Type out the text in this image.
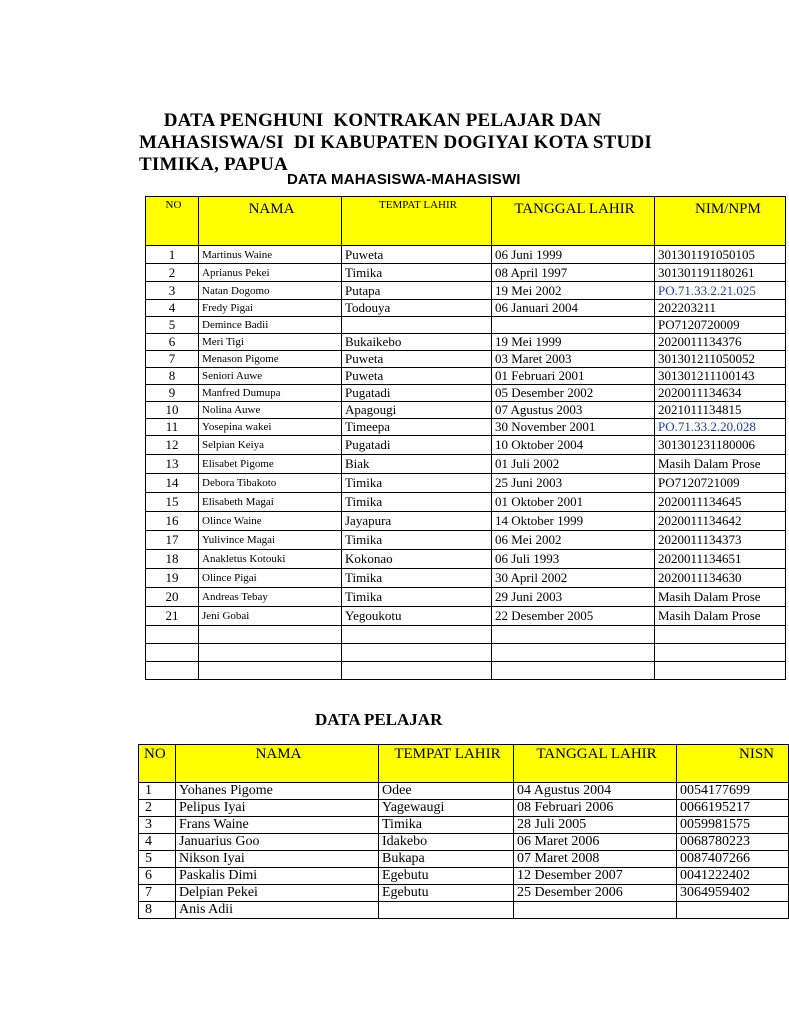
DATA PENGHUNI  KONTRAKAN PELAJAR DAN
MAHASISWA/SI  DI KABUPATEN DOGIYAI KOTA STUDI
TIMIKA, PAPUA
DATA MAHASISWA-MAHASISWI
NO	NAMA	TEMPAT LAHIR	TANGGAL LAHIR	NIM/NPM
1	Martinus Waine	Puweta	06 Juni 1999	301301191050105
2	Aprianus Pekei	Timika	08 April 1997	301301191180261
3	Natan Dogomo	Putapa	19 Mei 2002	PO.71.33.2.21.025
4	Fredy Pigai	Todouya	06 Januari 2004	202203211
5	Demince Badii			PO7120720009
6	Meri Tigi	Bukaikebo	19 Mei 1999	2020011134376
7	Menason Pigome	Puweta	03 Maret 2003	301301211050052
8	Seniori Auwe	Puweta	01 Februari 2001	301301211100143
9	Manfred Dumupa	Pugatadi	05 Desember 2002	2020011134634
10	Nolina Auwe	Apagougi	07 Agustus 2003	2021011134815
11	Yosepina wakei	Timeepa	30 November 2001	PO.71.33.2.20.028
12	Selpian Keiya	Pugatadi	10 Oktober 2004	301301231180006
13	Elisabet Pigome	Biak	01 Juli 2002	Masih Dalam Prose
14	Debora Tibakoto	Timika	25 Juni 2003	PO7120721009
15	Elisabeth Magai	Timika	01 Oktober 2001	2020011134645
16	Olince Waine	Jayapura	14 Oktober 1999	2020011134642
17	Yulivince Magai	Timika	06 Mei 2002	2020011134373
18	Anakletus Kotouki	Kokonao	06 Juli 1993	2020011134651
19	Olince Pigai	Timika	30 April 2002	2020011134630
20	Andreas Tebay	Timika	29 Juni 2003	Masih Dalam Prose
21	Jeni Gobai	Yegoukotu	22 Desember 2005	Masih Dalam Prose

DATA PELAJAR
NO	NAMA	TEMPAT LAHIR	TANGGAL LAHIR	NISN
1	Yohanes Pigome	Odee	04 Agustus 2004	0054177699
2	Pelipus Iyai	Yagewaugi	08 Februari 2006	0066195217
3	Frans Waine	Timika	28 Juli 2005	0059981575
4	Januarius Goo	Idakebo	06 Maret 2006	0068780223
5	Nikson Iyai	Bukapa	07 Maret 2008	0087407266
6	Paskalis Dimi	Egebutu	12 Desember 2007	0041222402
7	Delpian Pekei	Egebutu	25 Desember 2006	3064959402
8	Anis Adii			
